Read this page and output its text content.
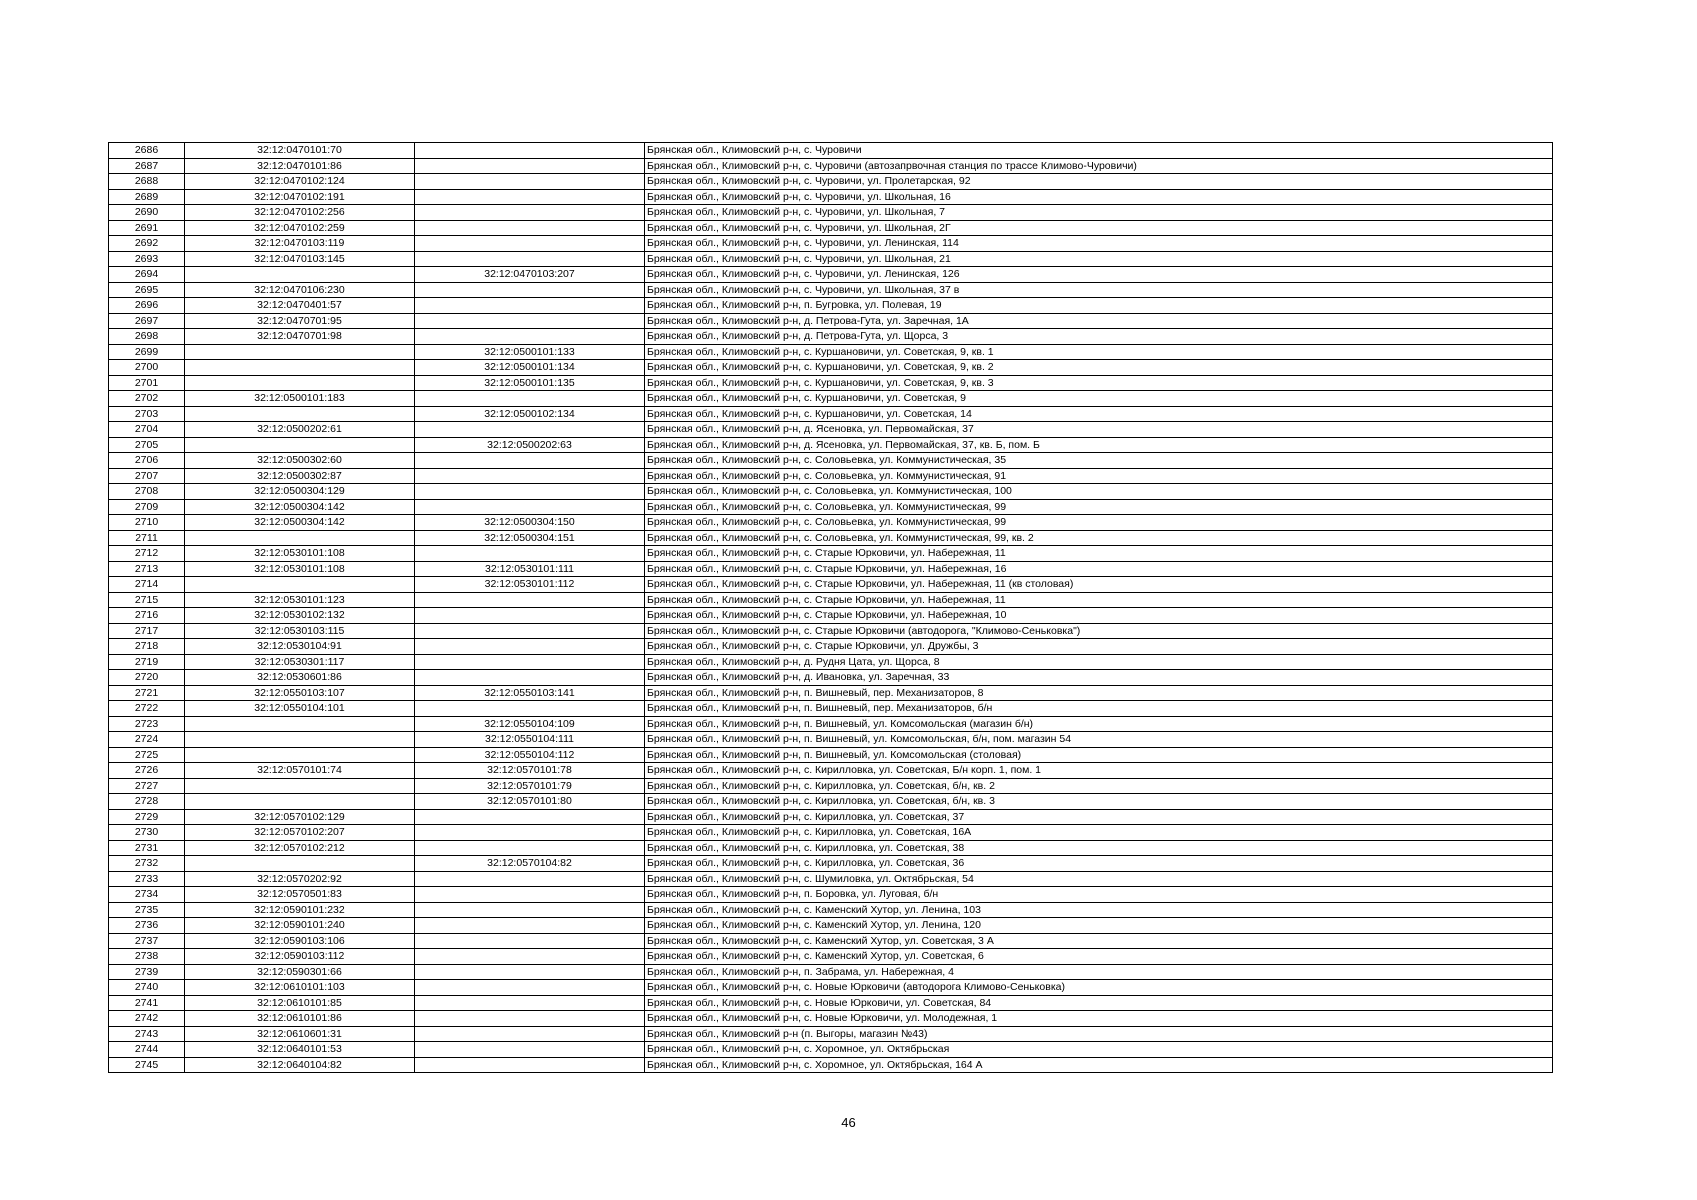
2686	32:12:0470101:70		Брянская обл., Климовский р-н, с. Чуровичи
2687	32:12:0470101:86		Брянская обл., Климовский р-н, с. Чуровичи (автозапрвочная станция по трассе Климово-Чуровичи)
2688	32:12:0470102:124		Брянская обл., Климовский р-н, с. Чуровичи, ул. Пролетарская, 92
2689	32:12:0470102:191		Брянская обл., Климовский р-н, с. Чуровичи, ул. Школьная, 16
2690	32:12:0470102:256		Брянская обл., Климовский р-н, с. Чуровичи, ул. Школьная, 7
2691	32:12:0470102:259		Брянская обл., Климовский р-н, с. Чуровичи, ул. Школьная, 2Г
2692	32:12:0470103:119		Брянская обл., Климовский р-н, с. Чуровичи, ул. Ленинская, 114
2693	32:12:0470103:145		Брянская обл., Климовский р-н, с. Чуровичи, ул. Школьная, 21
2694		32:12:0470103:207	Брянская обл., Климовский р-н, с. Чуровичи, ул. Ленинская, 126
2695	32:12:0470106:230		Брянская обл., Климовский р-н, с. Чуровичи, ул. Школьная, 37 в
2696	32:12:0470401:57		Брянская обл., Климовский р-н, п. Бугровка, ул. Полевая, 19
2697	32:12:0470701:95		Брянская обл., Климовский р-н, д. Петрова-Гута, ул. Заречная, 1А
2698	32:12:0470701:98		Брянская обл., Климовский р-н, д. Петрова-Гута, ул. Щорса, 3
2699		32:12:0500101:133	Брянская обл., Климовский р-н, с. Куршановичи, ул. Советская, 9, кв. 1
2700		32:12:0500101:134	Брянская обл., Климовский р-н, с. Куршановичи, ул. Советская, 9, кв. 2
2701		32:12:0500101:135	Брянская обл., Климовский р-н, с. Куршановичи, ул. Советская, 9, кв. 3
2702	32:12:0500101:183		Брянская обл., Климовский р-н, с. Куршановичи, ул. Советская, 9
2703		32:12:0500102:134	Брянская обл., Климовский р-н, с. Куршановичи, ул. Советская, 14
2704	32:12:0500202:61		Брянская обл., Климовский р-н, д. Ясеновка, ул. Первомайская, 37
2705		32:12:0500202:63	Брянская обл., Климовский р-н, д. Ясеновка, ул. Первомайская, 37, кв. Б, пом. Б
2706	32:12:0500302:60		Брянская обл., Климовский р-н, с. Соловьевка, ул. Коммунистическая, 35
2707	32:12:0500302:87		Брянская обл., Климовский р-н, с. Соловьевка, ул. Коммунистическая, 91
2708	32:12:0500304:129		Брянская обл., Климовский р-н, с. Соловьевка, ул. Коммунистическая, 100
2709	32:12:0500304:142		Брянская обл., Климовский р-н, с. Соловьевка, ул. Коммунистическая, 99
2710	32:12:0500304:142	32:12:0500304:150	Брянская обл., Климовский р-н, с. Соловьевка, ул. Коммунистическая, 99
2711		32:12:0500304:151	Брянская обл., Климовский р-н, с. Соловьевка, ул. Коммунистическая, 99, кв. 2
2712	32:12:0530101:108		Брянская обл., Климовский р-н, с. Старые Юрковичи, ул. Набережная, 11
2713	32:12:0530101:108	32:12:0530101:111	Брянская обл., Климовский р-н, с. Старые Юрковичи, ул. Набережная, 16
2714		32:12:0530101:112	Брянская обл., Климовский р-н, с. Старые Юрковичи, ул. Набережная, 11 (кв столовая)
2715	32:12:0530101:123		Брянская обл., Климовский р-н, с. Старые Юрковичи, ул. Набережная, 11
2716	32:12:0530102:132		Брянская обл., Климовский р-н, с. Старые Юрковичи, ул. Набережная, 10
2717	32:12:0530103:115		Брянская обл., Климовский р-н, с. Старые Юрковичи (автодорога, "Климово-Сеньковка")
2718	32:12:0530104:91		Брянская обл., Климовский р-н, с. Старые Юрковичи, ул. Дружбы, 3
2719	32:12:0530301:117		Брянская обл., Климовский р-н, д. Рудня Цата, ул. Щорса, 8
2720	32:12:0530601:86		Брянская обл., Климовский р-н, д. Ивановка, ул. Заречная, 33
2721	32:12:0550103:107	32:12:0550103:141	Брянская обл., Климовский р-н, п. Вишневый, пер. Механизаторов, 8
2722	32:12:0550104:101		Брянская обл., Климовский р-н, п. Вишневый, пер. Механизаторов, б/н
2723		32:12:0550104:109	Брянская обл., Климовский р-н, п. Вишневый, ул. Комсомольская (магазин б/н)
2724		32:12:0550104:111	Брянская обл., Климовский р-н, п. Вишневый, ул. Комсомольская, б/н, пом. магазин 54
2725		32:12:0550104:112	Брянская обл., Климовский р-н, п. Вишневый, ул. Комсомольская (столовая)
2726	32:12:0570101:74	32:12:0570101:78	Брянская обл., Климовский р-н, с. Кирилловка, ул. Советская, Б/н корп. 1, пом. 1
2727		32:12:0570101:79	Брянская обл., Климовский р-н, с. Кирилловка, ул. Советская, б/н, кв. 2
2728		32:12:0570101:80	Брянская обл., Климовский р-н, с. Кирилловка, ул. Советская, б/н, кв. 3
2729	32:12:0570102:129		Брянская обл., Климовский р-н, с. Кирилловка, ул. Советская, 37
2730	32:12:0570102:207		Брянская обл., Климовский р-н, с. Кирилловка, ул. Советская, 16А
2731	32:12:0570102:212		Брянская обл., Климовский р-н, с. Кирилловка, ул. Советская, 38
2732		32:12:0570104:82	Брянская обл., Климовский р-н, с. Кирилловка, ул. Советская, 36
2733	32:12:0570202:92		Брянская обл., Климовский р-н, с. Шумиловка, ул. Октябрьская, 54
2734	32:12:0570501:83		Брянская обл., Климовский р-н, п. Боровка, ул. Луговая, б/н
2735	32:12:0590101:232		Брянская обл., Климовский р-н, с. Каменский Хутор, ул. Ленина, 103
2736	32:12:0590101:240		Брянская обл., Климовский р-н, с. Каменский Хутор, ул. Ленина, 120
2737	32:12:0590103:106		Брянская обл., Климовский р-н, с. Каменский Хутор, ул. Советская, 3 А
2738	32:12:0590103:112		Брянская обл., Климовский р-н, с. Каменский Хутор, ул. Советская, 6
2739	32:12:0590301:66		Брянская обл., Климовский р-н, п. Забрама, ул. Набережная, 4
2740	32:12:0610101:103		Брянская обл., Климовский р-н, с. Новые Юрковичи (автодорога Климово-Сеньковка)
2741	32:12:0610101:85		Брянская обл., Климовский р-н, с. Новые Юрковичи, ул. Советская, 84
2742	32:12:0610101:86		Брянская обл., Климовский р-н, с. Новые Юрковичи, ул. Молодежная, 1
2743	32:12:0610601:31		Брянская обл., Климовский р-н (п. Выгоры, магазин №43)
2744	32:12:0640101:53		Брянская обл., Климовский р-н, с. Хоромное, ул. Октябрьская
2745	32:12:0640104:82		Брянская обл., Климовский р-н, с. Хоромное, ул. Октябрьская, 164 А
46
